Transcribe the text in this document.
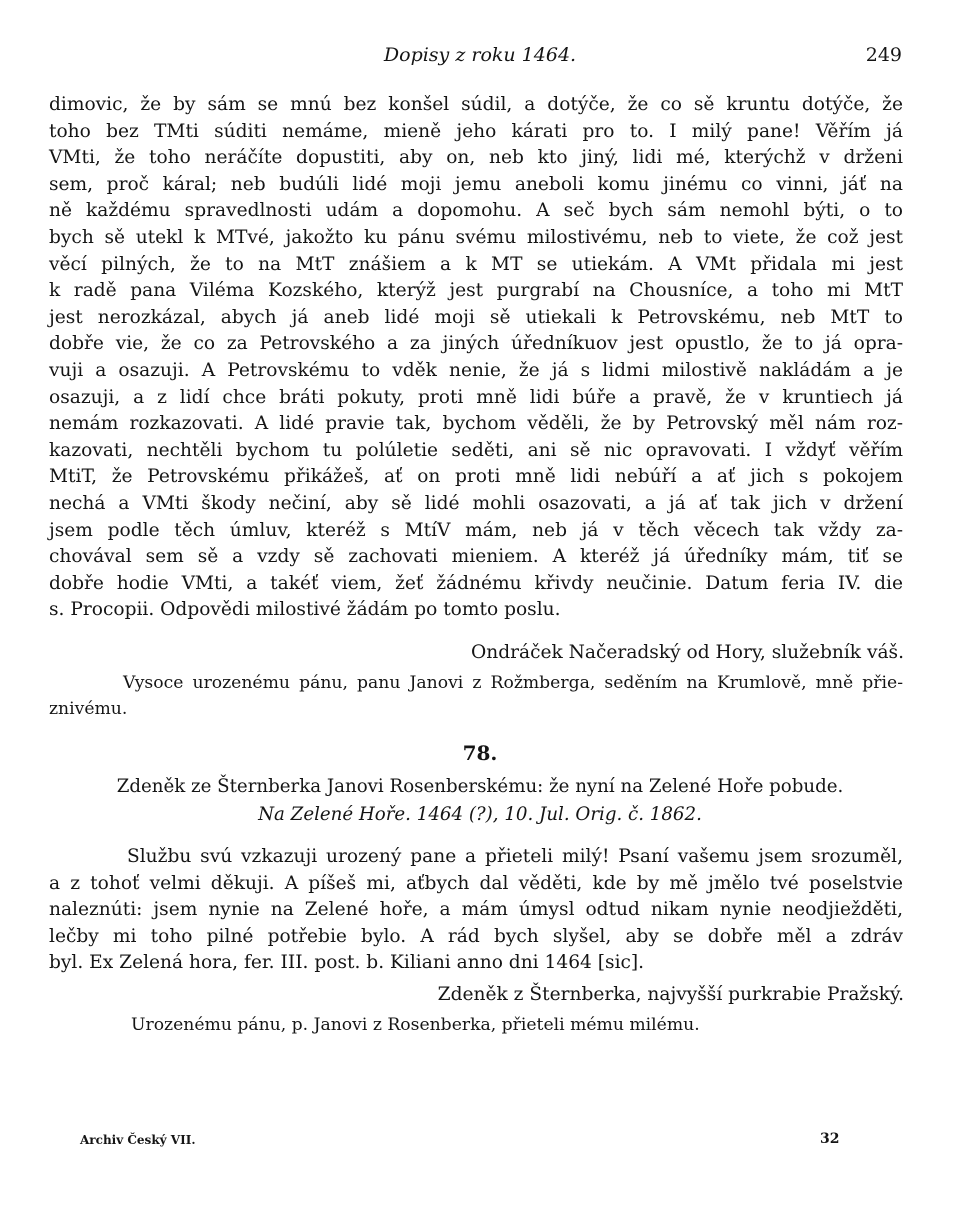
Dopisy z roku 1464.	249
dimovic, že by sám se mnú bez konšel súdil, a dotýče, že co sě kruntu dotýče, že
toho bez TMti súditi nemáme, mieně jeho kárati pro to. I milý pane! Věřím já
VMti, že toho neráčíte dopustiti, aby on, neb kto jiný, lidi mé, kterýchž v drženi
sem, proč káral; neb budúli lidé moji jemu aneboli komu jinému co vinni, jáť na
ně každému spravedlnosti udám a dopomohu. A seč bych sám nemohl býti, o to
bych sě utekl k MTvé, jakožto ku pánu svému milostivému, neb to viete, že což jest
věcí pilných, že to na MtT znášiem a k MT se utiekám. A VMt přidala mi jest
k radě pana Viléma Kozského, kterýž jest purgrabí na Chousníce, a toho mi MtT
jest nerozkázal, abych já aneb lidé moji sě utiekali k Petrovskému, neb MtT to
dobře vie, že co za Petrovského a za jiných úředníkuov jest opustlo, že to já opra-
vuji a osazuji. A Petrovskému to vděk nenie, že já s lidmi milostivě nakládám a je
osazuji, a z lidí chce bráti pokuty, proti mně lidi búře a pravě, že v kruntiech já
nemám rozkazovati. A lidé pravie tak, bychom věděli, že by Petrovský měl nám roz-
kazovati, nechtěli bychom tu polúletie seděti, ani sě nic opravovati. I vždyť věřím
MtiT, že Petrovskému přikážeš, ať on proti mně lidi nebúří a ať jich s pokojem
nechá a VMti škody nečiní, aby sě lidé mohli osazovati, a já ať tak jich v držení
jsem podle těch úmluv, kteréž s MtíV mám, neb já v těch věcech tak vždy za-
chovával sem sě a vzdy sě zachovati mieniem. A kteréž já úředníky mám, tiť se
dobře hodie VMti, a takéť viem, žeť žádnému křivdy neučinie. Datum feria IV. die
s. Procopii. Odpovědi milostivé žádám po tomto poslu.
Ondráček Načeradský od Hory, služebník váš.
Vysoce urozenému pánu, panu Janovi z Rožmberga, seděním na Krumlově, mně přie-
znivému.
78.
Zdeněk ze Šternberka Janovi Rosenberskému: že nyní na Zelené Hoře pobude.
Na Zelené Hoře. 1464 (?), 10. Jul. Orig. č. 1862.
Službu svú vzkazuji urozený pane a přieteli milý! Psaní vašemu jsem srozuměl,
a z tohoť velmi děkuji. A píšeš mi, aťbych dal věděti, kde by mě jmělo tvé poselstvie
naleznúti: jsem nynie na Zelené hoře, a mám úmysl odtud nikam nynie neodjiežděti,
lečby mi toho pilné potřebie bylo. A rád bych slyšel, aby se dobře měl a zdráv
byl. Ex Zelená hora, fer. III. post. b. Kiliani anno dni 1464 [sic].
Zdeněk z Šternberka, najvyšší purkrabie Pražský.
Urozenému pánu, p. Janovi z Rosenberka, přieteli mému milému.
Archiv Český VII.	32
